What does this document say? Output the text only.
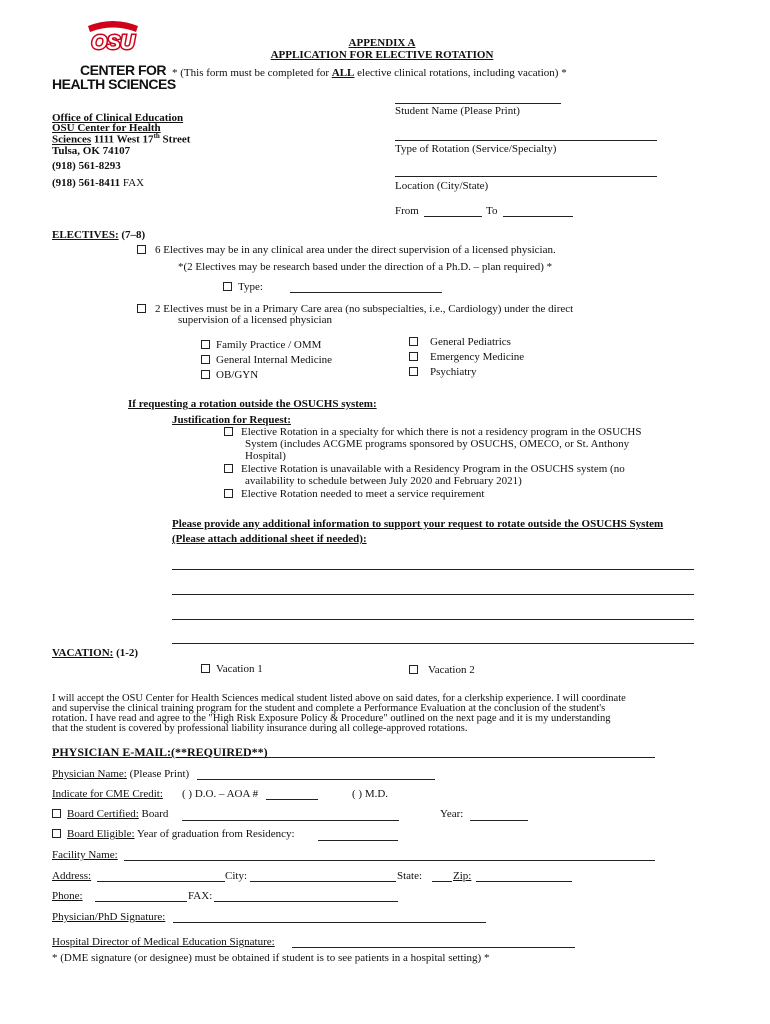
OSU
CENTER FOR
HEALTH SCIENCES
APPENDIX A
APPLICATION FOR ELECTIVE ROTATION
* (This form must be completed for ALL elective clinical rotations, including vacation) *
Office of Clinical Education
OSU Center for Health
Sciences 1111 West 17th Street
Tulsa, OK 74107
(918) 561-8293
(918) 561-8411 FAX
Student Name (Please Print)
Type of Rotation (Service/Specialty)
Location (City/State)
From	To
ELECTIVES: (7–8)
6 Electives may be in any clinical area under the direct supervision of a licensed physician.
*(2 Electives may be research based under the direction of a Ph.D. – plan required) *
Type:
2 Electives must be in a Primary Care area (no subspecialties, i.e., Cardiology) under the direct
supervision of a licensed physician
Family Practice / OMM
General Internal Medicine
OB/GYN
General Pediatrics
Emergency Medicine
Psychiatry
If requesting a rotation outside the OSUCHS system:
Justification for Request:
Elective Rotation in a specialty for which there is not a residency program in the OSUCHS
System (includes ACGME programs sponsored by OSUCHS, OMECO, or St. Anthony
Hospital)
Elective Rotation is unavailable with a Residency Program in the OSUCHS system (no
availability to schedule between July 2020 and February 2021)
Elective Rotation needed to meet a service requirement
Please provide any additional information to support your request to rotate outside the OSUCHS System
(Please attach additional sheet if needed):
VACATION: (1-2)
Vacation 1	Vacation 2
I will accept the OSU Center for Health Sciences medical student listed above on said dates, for a clerkship experience. I will coordinate
and supervise the clinical training program for the student and complete a Performance Evaluation at the conclusion of the student's
rotation. I have read and agree to the "High Risk Exposure Policy & Procedure" outlined on the next page and it is my understanding
that the student is covered by professional liability insurance during all college-approved rotations.
PHYSICIAN E-MAIL:(**REQUIRED**)
Physician Name: (Please Print)
Indicate for CME Credit: ( ) D.O. – AOA #	( ) M.D.
Board Certified: Board	Year:
Board Eligible: Year of graduation from Residency:
Facility Name:
Address:	City:	State:	Zip:
Phone:	FAX:
Physician/PhD Signature:
Hospital Director of Medical Education Signature:
* (DME signature (or designee) must be obtained if student is to see patients in a hospital setting) *
